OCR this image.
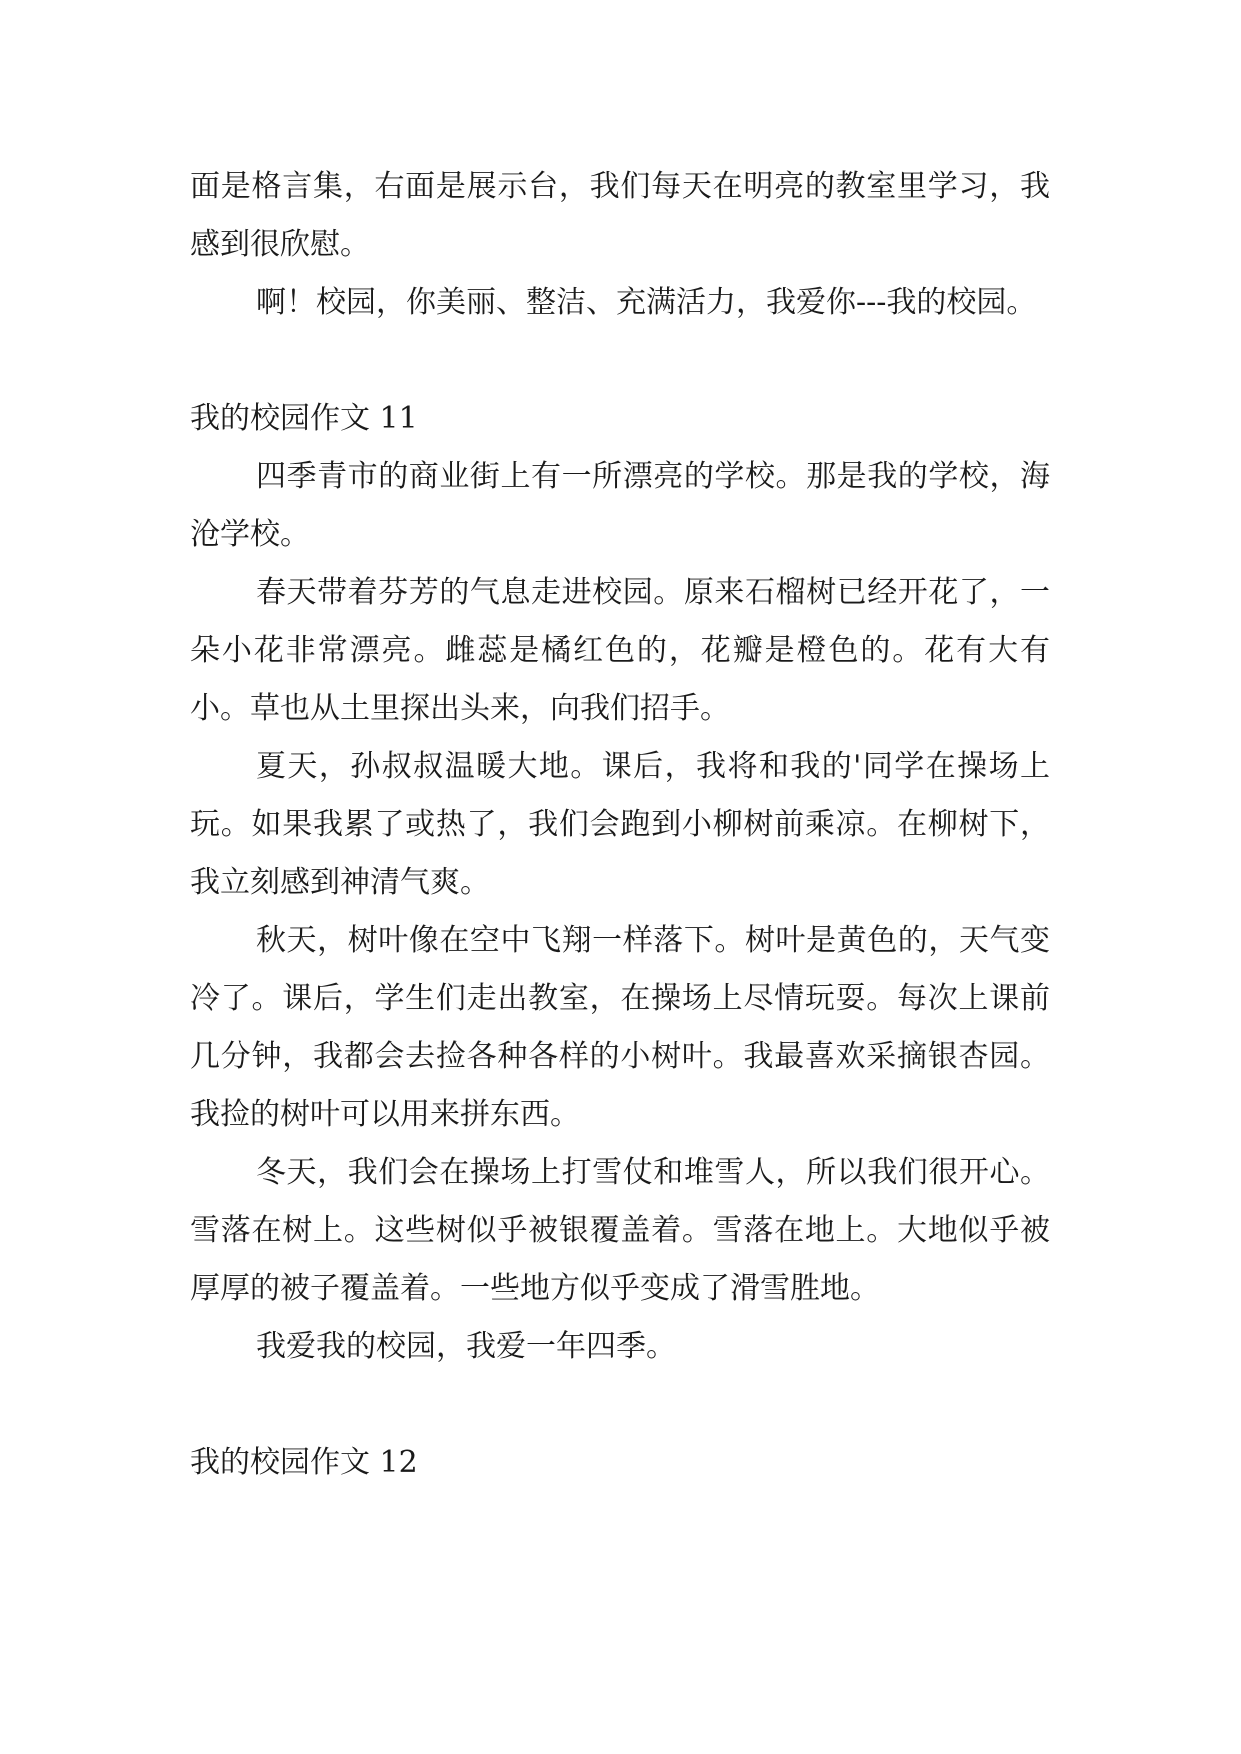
面是格言集，右面是展示台，我们每天在明亮的教室里学习，我感到很欣慰。

啊！校园，你美丽、整洁、充满活力，我爱你---我的校园。

我的校园作文 11

四季青市的商业街上有一所漂亮的学校。那是我的学校，海沧学校。

春天带着芬芳的气息走进校园。原来石榴树已经开花了，一朵小花非常漂亮。雌蕊是橘红色的，花瓣是橙色的。花有大有小。草也从土里探出头来，向我们招手。

夏天，孙叔叔温暖大地。课后，我将和我的'同学在操场上玩。如果我累了或热了，我们会跑到小柳树前乘凉。在柳树下，我立刻感到神清气爽。

秋天，树叶像在空中飞翔一样落下。树叶是黄色的，天气变冷了。课后，学生们走出教室，在操场上尽情玩耍。每次上课前几分钟，我都会去捡各种各样的小树叶。我最喜欢采摘银杏园。我捡的树叶可以用来拼东西。

冬天，我们会在操场上打雪仗和堆雪人，所以我们很开心。雪落在树上。这些树似乎被银覆盖着。雪落在地上。大地似乎被厚厚的被子覆盖着。一些地方似乎变成了滑雪胜地。

我爱我的校园，我爱一年四季。

我的校园作文 12
